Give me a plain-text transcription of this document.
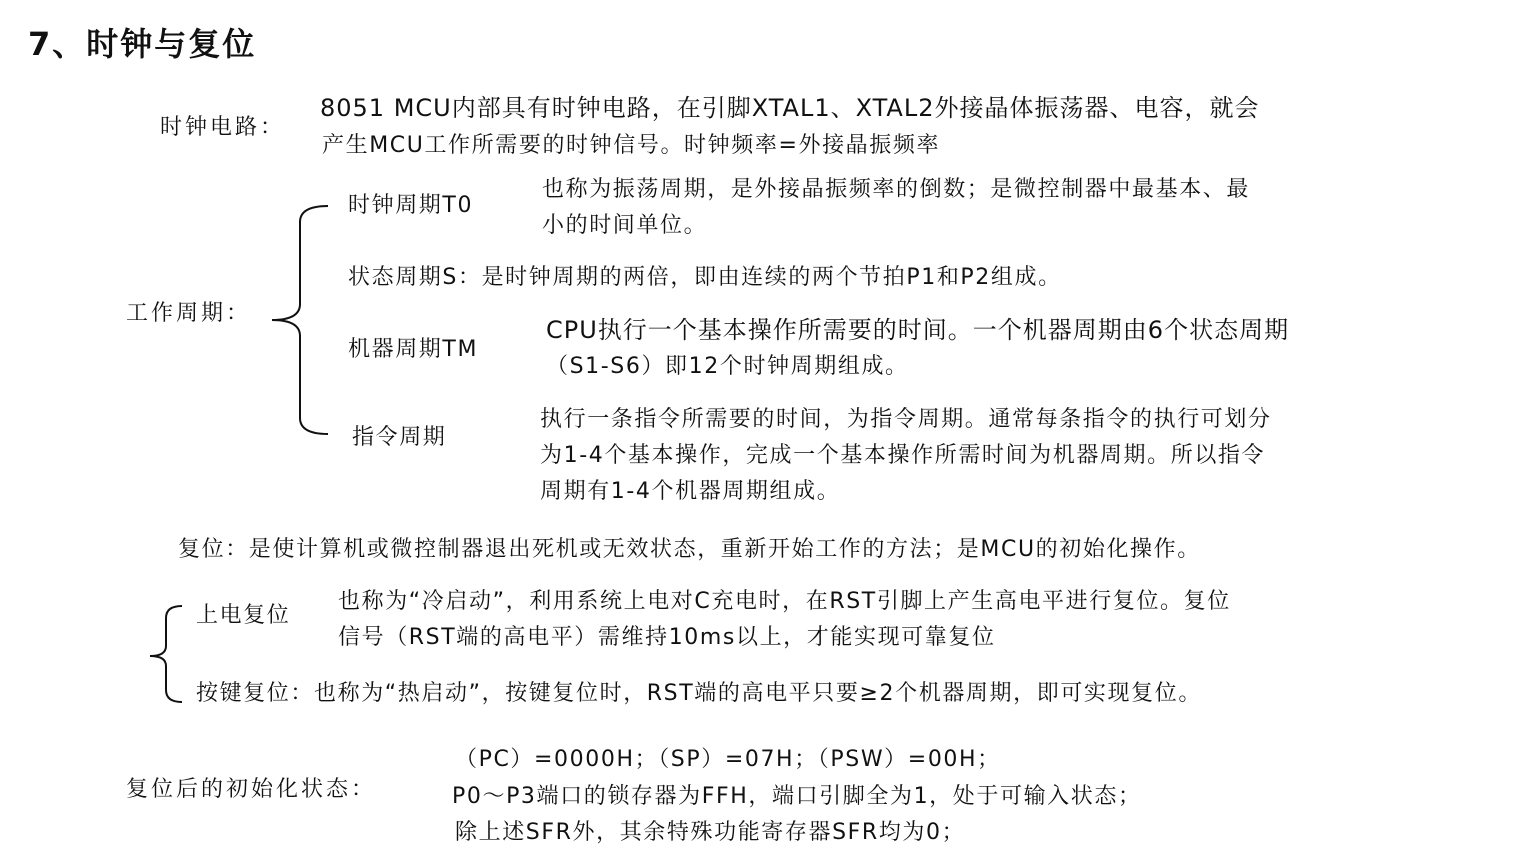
7、时钟与复位
时钟电路：
8051 MCU内部具有时钟电路，在引脚XTAL1、XTAL2外接晶体振荡器、电容，就会
产生MCU工作所需要的时钟信号。时钟频率=外接晶振频率
工作周期：
时钟周期T0
也称为振荡周期，是外接晶振频率的倒数；是微控制器中最基本、最
小的时间单位。
状态周期S：是时钟周期的两倍，即由连续的两个节拍P1和P2组成。
机器周期TM
CPU执行一个基本操作所需要的时间。一个机器周期由6个状态周期
（S1-S6）即12个时钟周期组成。
指令周期
执行一条指令所需要的时间，为指令周期。通常每条指令的执行可划分
为1-4个基本操作，完成一个基本操作所需时间为机器周期。所以指令
周期有1-4个机器周期组成。
复位：是使计算机或微控制器退出死机或无效状态，重新开始工作的方法；是MCU的初始化操作。
上电复位
也称为“冷启动”，利用系统上电对C充电时，在RST引脚上产生高电平进行复位。复位
信号（RST端的高电平）需维持10ms以上，才能实现可靠复位
按键复位：也称为“热启动”，按键复位时，RST端的高电平只要≥2个机器周期，即可实现复位。
复位后的初始化状态：
（PC）=0000H；（SP）=07H；（PSW）=00H；
P0～P3端口的锁存器为FFH，端口引脚全为1，处于可输入状态；
除上述SFR外，其余特殊功能寄存器SFR均为0；
